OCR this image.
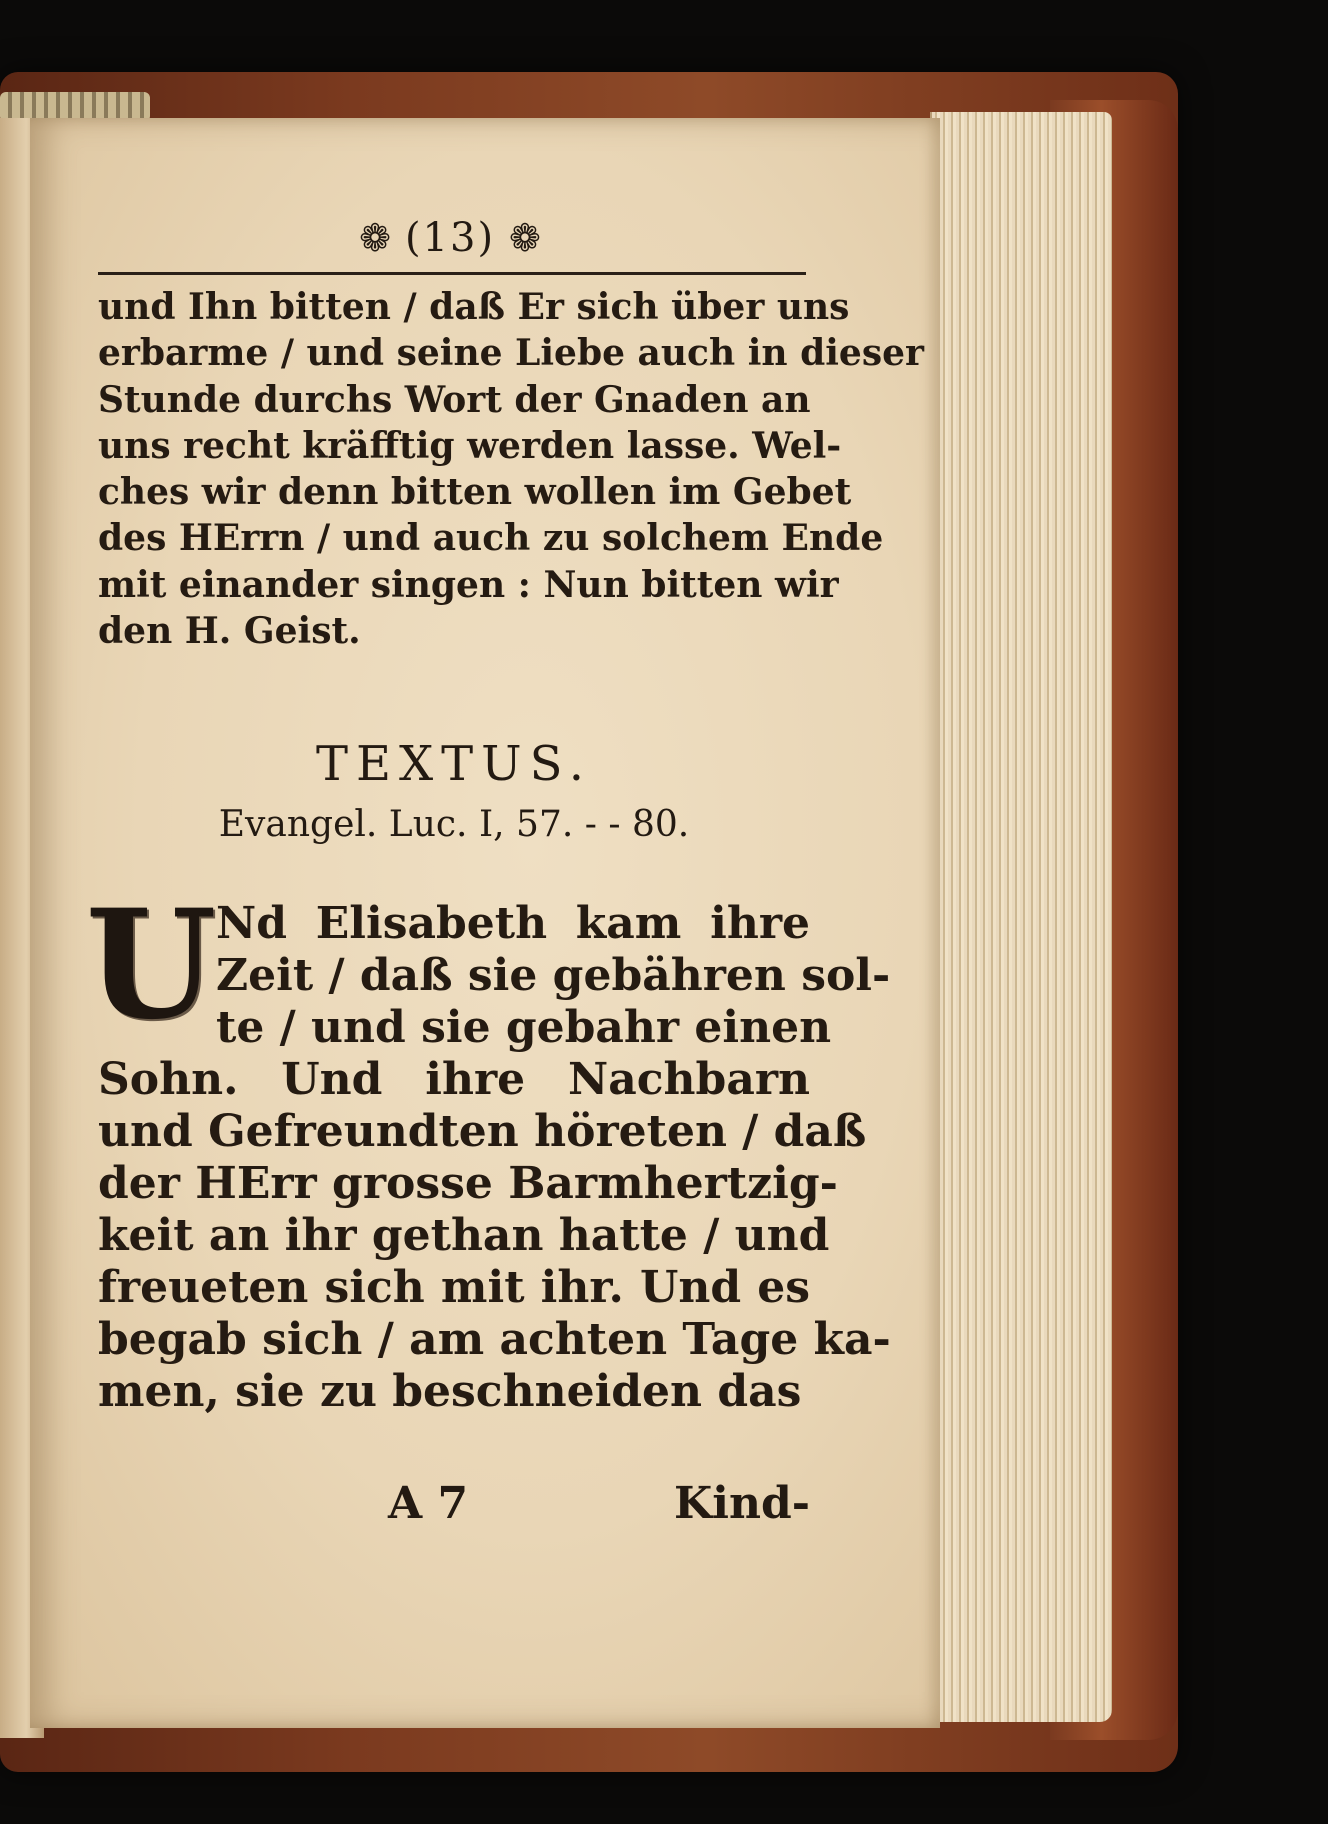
❁ (13) ❁

und Ihn bitten / daß Er sich über uns
erbarme / und seine Liebe auch in dieser
Stunde durchs Wort der Gnaden an
uns recht kräfftig werden lasse. Wel-
ches wir denn bitten wollen im Gebet
des HErrn / und auch zu solchem Ende
mit einander singen : Nun bitten wir
den H. Geist.

TEXTUS.
Evangel. Luc. I, 57. - - 80.
U Nd Elisabeth kam ihre
Zeit / daß sie gebähren sol-
te / und sie gebahr einen

Sohn. Und ihre Nachbarn
und Gefreundten höreten / daß
der HErr grosse Barmhertzig-
keit an ihr gethan hatte / und
freueten sich mit ihr. Und es
begab sich / am achten Tage ka-
men, sie zu beschneiden das

A 7	Kind-
